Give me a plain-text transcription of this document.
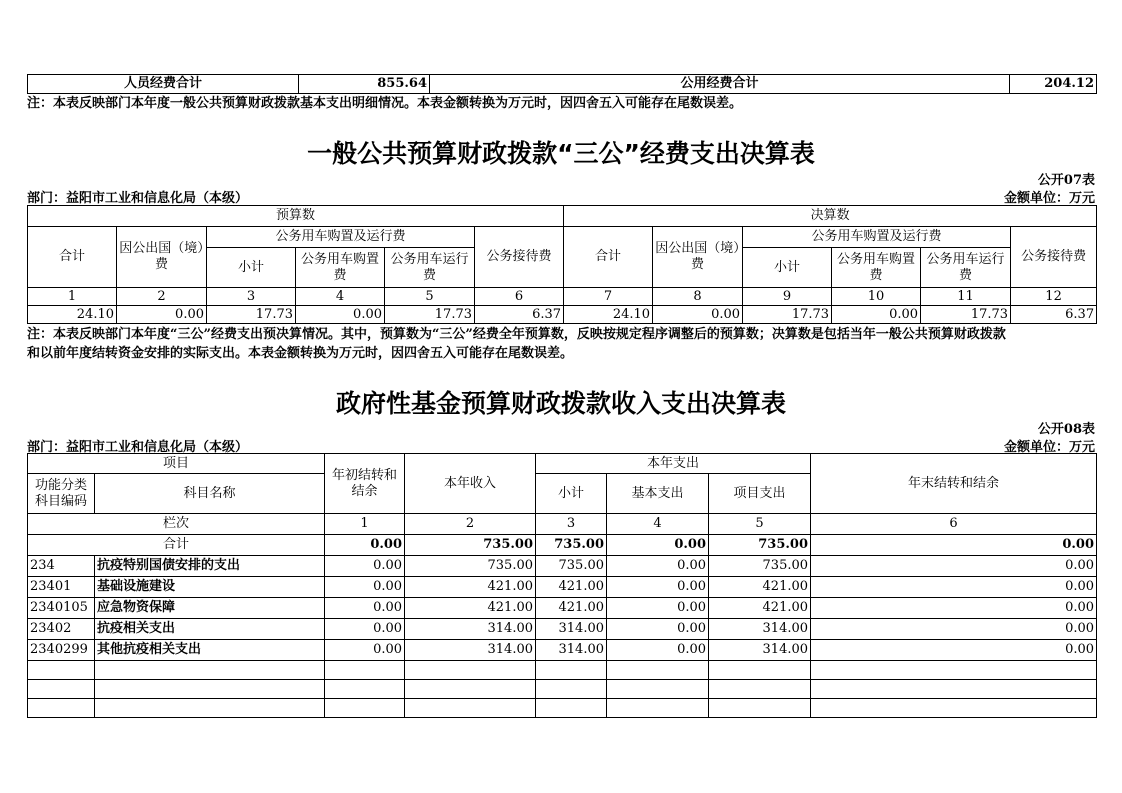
人员经费合计	855.64	公用经费合计	204.12
注：本表反映部门本年度一般公共预算财政拨款基本支出明细情况。本表金额转换为万元时，因四舍五入可能存在尾数误差。
一般公共预算财政拨款“三公”经费支出决算表
公开07表
部门：益阳市工业和信息化局（本级）	金额单位：万元
预算数						决算数					
合计	因公出国（境）费	公务用车购置及运行费			公务接待费	合计	因公出国（境）费	公务用车购置及运行费			公务接待费
		小计	公务用车购置费	公务用车运行费				小计	公务用车购置费	公务用车运行费	
1	2	3	4	5	6	7	8	9	10	11	12
24.10	0.00	17.73	0.00	17.73	6.37	24.10	0.00	17.73	0.00	17.73	6.37
注：本表反映部门本年度“三公”经费支出预决算情况。其中，预算数为“三公”经费全年预算数，反映按规定程序调整后的预算数；决算数是包括当年一般公共预算财政拨款
和以前年度结转资金安排的实际支出。本表金额转换为万元时，因四舍五入可能存在尾数误差。
政府性基金预算财政拨款收入支出决算表
公开08表
部门：益阳市工业和信息化局（本级）	金额单位：万元
项目		年初结转和结余	本年收入	本年支出			年末结转和结余
功能分类科目编码	科目名称			小计	基本支出	项目支出	
栏次		1	2	3	4	5	6
合计		0.00	735.00	735.00	0.00	735.00	0.00
234	抗疫特别国债安排的支出	0.00	735.00	735.00	0.00	735.00	0.00
23401	基础设施建设	0.00	421.00	421.00	0.00	421.00	0.00
2340105	应急物资保障	0.00	421.00	421.00	0.00	421.00	0.00
23402	抗疫相关支出	0.00	314.00	314.00	0.00	314.00	0.00
2340299	其他抗疫相关支出	0.00	314.00	314.00	0.00	314.00	0.00
